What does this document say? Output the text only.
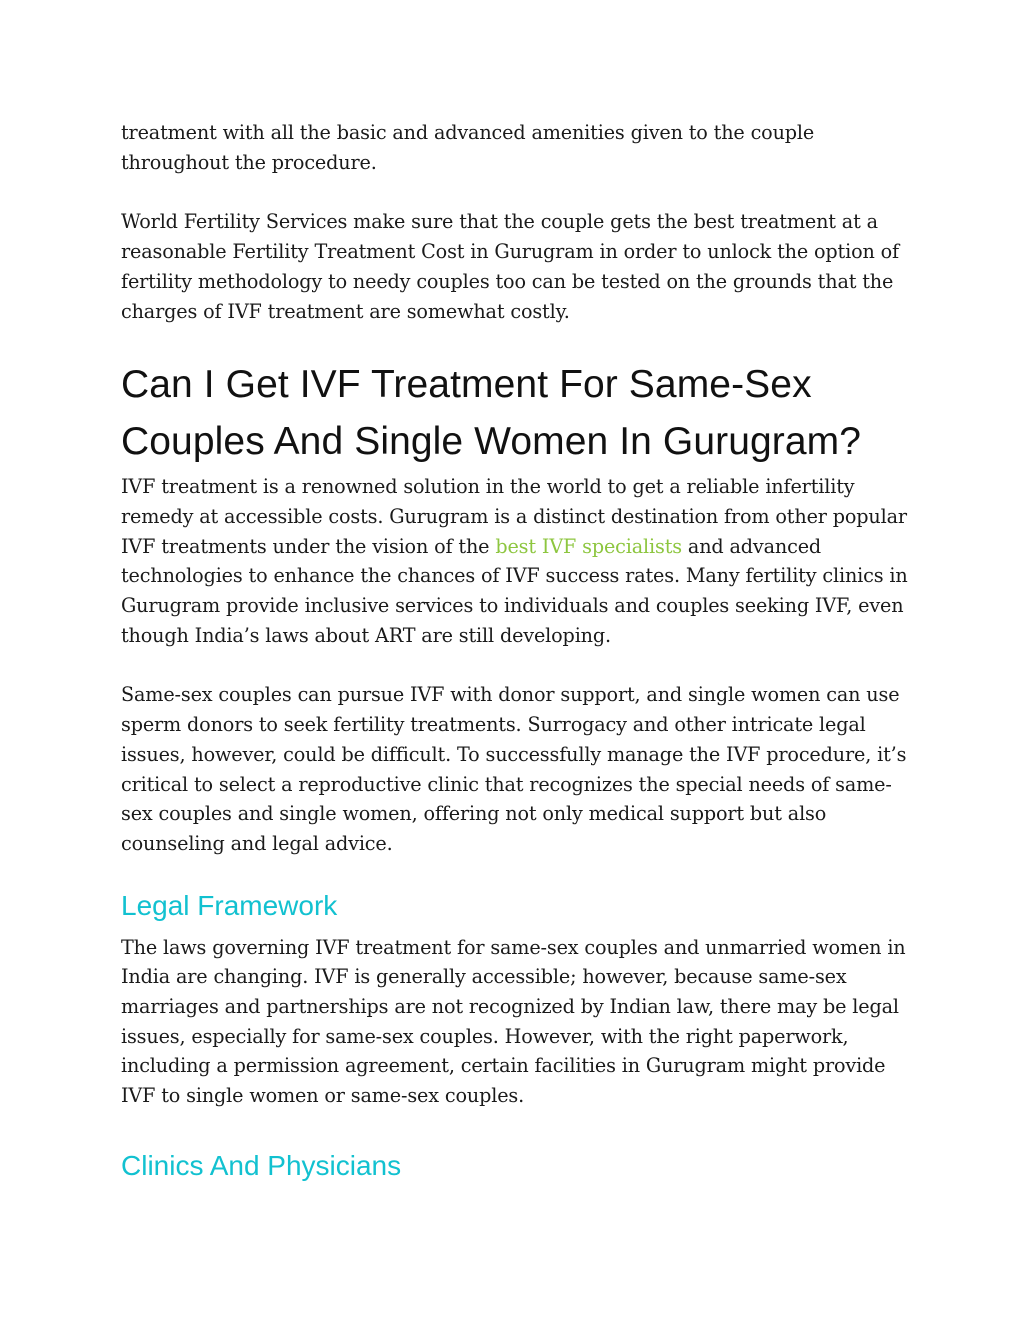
treatment with all the basic and advanced amenities given to the couple throughout the procedure.

World Fertility Services make sure that the couple gets the best treatment at a reasonable Fertility Treatment Cost in Gurugram in order to unlock the option of fertility methodology to needy couples too can be tested on the grounds that the charges of IVF treatment are somewhat costly.

Can I Get IVF Treatment For Same-Sex Couples And Single Women In Gurugram?

IVF treatment is a renowned solution in the world to get a reliable infertility remedy at accessible costs. Gurugram is a distinct destination from other popular IVF treatments under the vision of the best IVF specialists and advanced technologies to enhance the chances of IVF success rates. Many fertility clinics in Gurugram provide inclusive services to individuals and couples seeking IVF, even though India’s laws about ART are still developing.

Same-sex couples can pursue IVF with donor support, and single women can use sperm donors to seek fertility treatments. Surrogacy and other intricate legal issues, however, could be difficult. To successfully manage the IVF procedure, it’s critical to select a reproductive clinic that recognizes the special needs of same-sex couples and single women, offering not only medical support but also counseling and legal advice.

Legal Framework

The laws governing IVF treatment for same-sex couples and unmarried women in India are changing. IVF is generally accessible; however, because same-sex marriages and partnerships are not recognized by Indian law, there may be legal issues, especially for same-sex couples. However, with the right paperwork, including a permission agreement, certain facilities in Gurugram might provide IVF to single women or same-sex couples.

Clinics And Physicians
